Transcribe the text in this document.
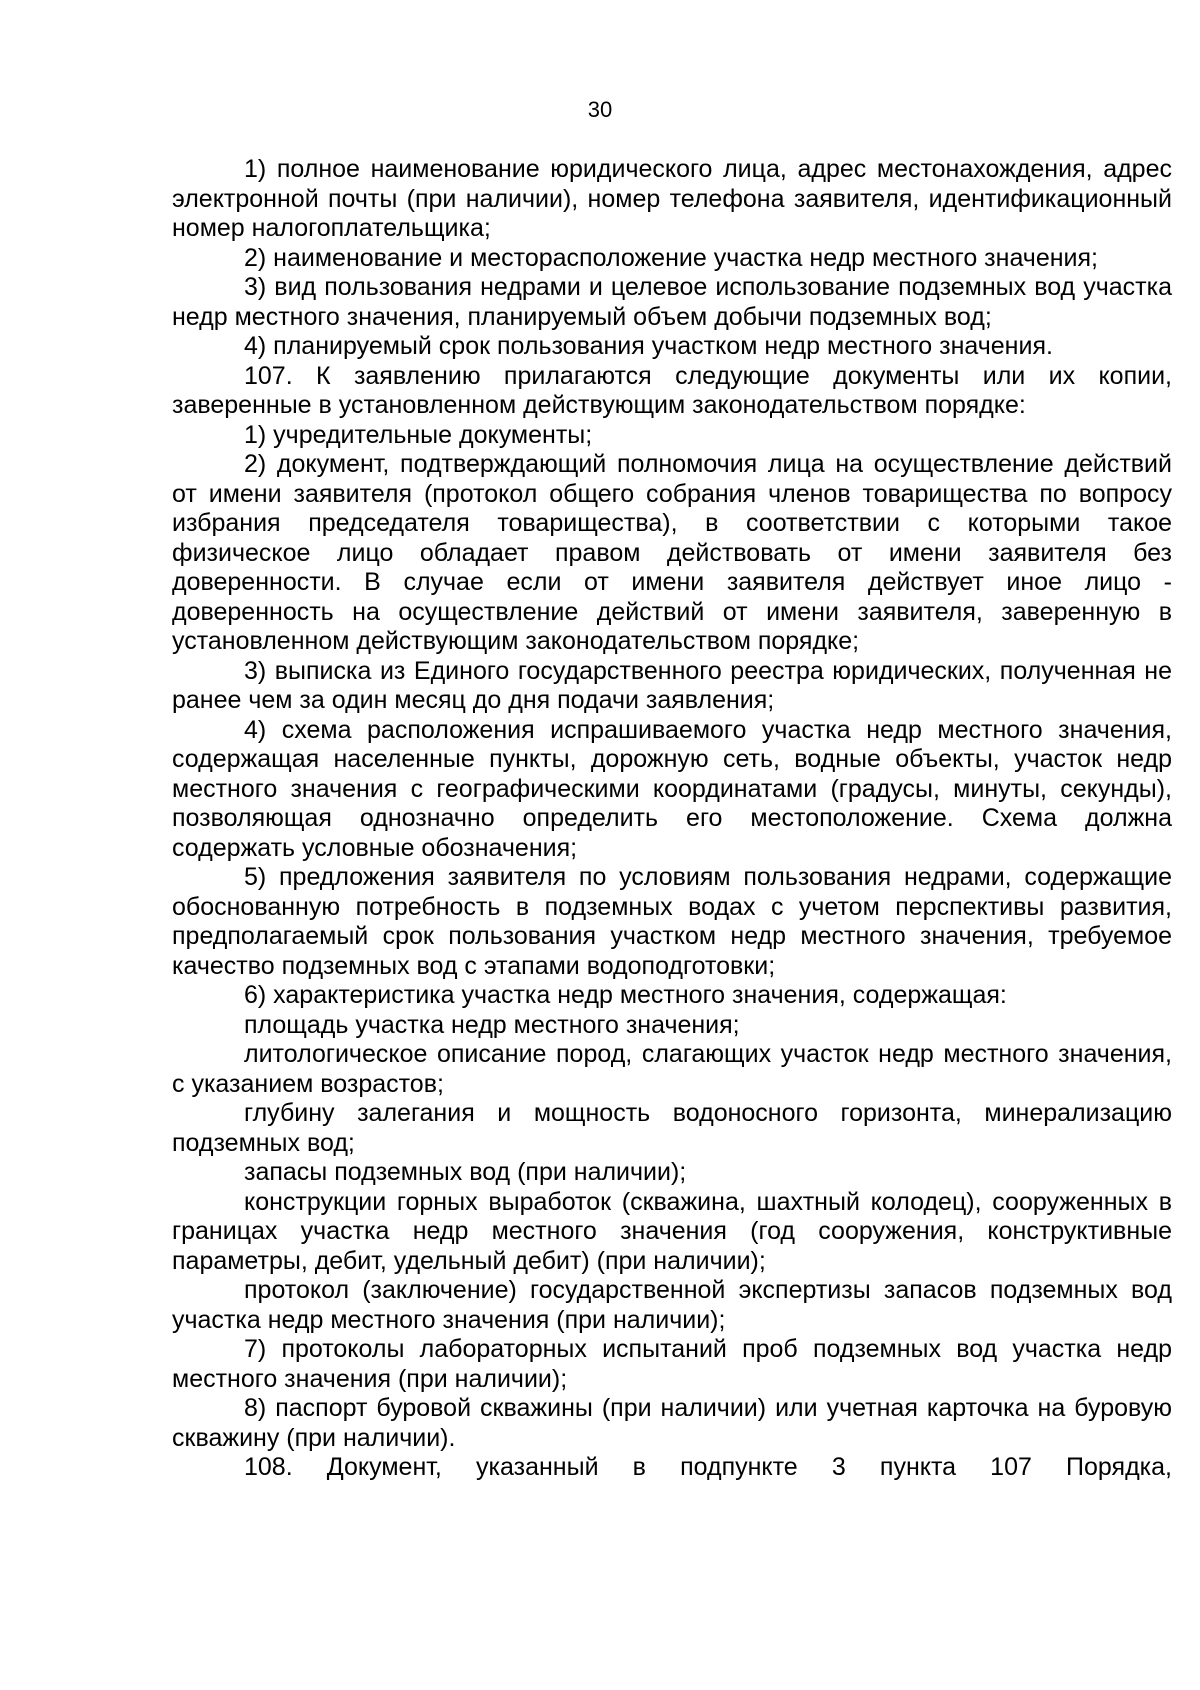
30

1) полное наименование юридического лица, адрес местонахождения, адрес электронной почты (при наличии), номер телефона заявителя, идентификационный номер налогоплательщика;

2) наименование и месторасположение участка недр местного значения;

3) вид пользования недрами и целевое использование подземных вод участка недр местного значения, планируемый объем добычи подземных вод;

4) планируемый срок пользования участком недр местного значения.

107. К заявлению прилагаются следующие документы или их копии, заверенные в установленном действующим законодательством порядке:

1) учредительные документы;

2) документ, подтверждающий полномочия лица на осуществление действий от имени заявителя (протокол общего собрания членов товарищества по вопросу избрания председателя товарищества), в соответствии с которыми такое физическое лицо обладает правом действовать от имени заявителя без доверенности. В случае если от имени заявителя действует иное лицо - доверенность на осуществление действий от имени заявителя, заверенную в установленном действующим законодательством порядке;

3) выписка из Единого государственного реестра юридических, полученная не ранее чем за один месяц до дня подачи заявления;

4) схема расположения испрашиваемого участка недр местного значения, содержащая населенные пункты, дорожную сеть, водные объекты, участок недр местного значения с географическими координатами (градусы, минуты, секунды), позволяющая однозначно определить его местоположение. Схема должна содержать условные обозначения;

5) предложения заявителя по условиям пользования недрами, содержащие обоснованную потребность в подземных водах с учетом перспективы развития, предполагаемый срок пользования участком недр местного значения, требуемое качество подземных вод с этапами водоподготовки;

6) характеристика участка недр местного значения, содержащая:

площадь участка недр местного значения;

литологическое описание пород, слагающих участок недр местного значения, с указанием возрастов;

глубину залегания и мощность водоносного горизонта, минерализацию подземных вод;

запасы подземных вод (при наличии);

конструкции горных выработок (скважина, шахтный колодец), сооруженных в границах участка недр местного значения (год сооружения, конструктивные параметры, дебит, удельный дебит) (при наличии);

протокол (заключение) государственной экспертизы запасов подземных вод участка недр местного значения (при наличии);

7) протоколы лабораторных испытаний проб подземных вод участка недр местного значения (при наличии);

8) паспорт буровой скважины (при наличии) или учетная карточка на буровую скважину (при наличии).

108. Документ, указанный в подпункте 3 пункта 107 Порядка,
